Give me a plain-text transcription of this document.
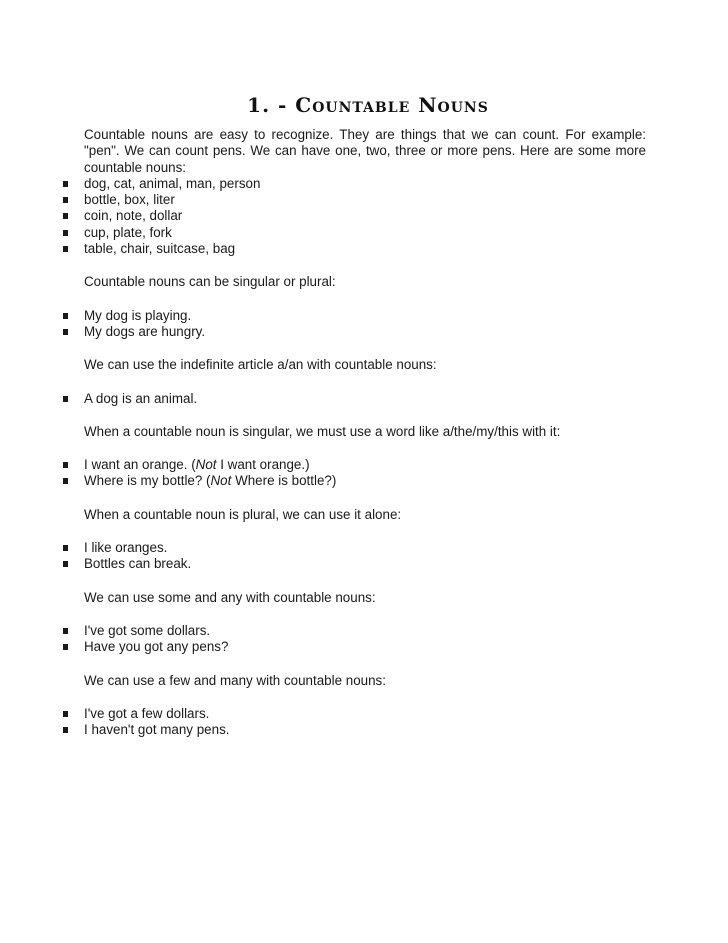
1. - Countable Nouns

Countable nouns are easy to recognize. They are things that we can count. For example: "pen". We can count pens. We can have one, two, three or more pens. Here are some more countable nouns:

dog, cat, animal, man, person
bottle, box, liter
coin, note, dollar
cup, plate, fork
table, chair, suitcase, bag

Countable nouns can be singular or plural:

My dog is playing.
My dogs are hungry.

We can use the indefinite article a/an with countable nouns:

A dog is an animal.

When a countable noun is singular, we must use a word like a/the/my/this with it:

I want an orange. (Not I want orange.)
Where is my bottle? (Not Where is bottle?)

When a countable noun is plural, we can use it alone:

I like oranges.
Bottles can break.

We can use some and any with countable nouns:

I've got some dollars.
Have you got any pens?

We can use a few and many with countable nouns:

I've got a few dollars.
I haven't got many pens.
